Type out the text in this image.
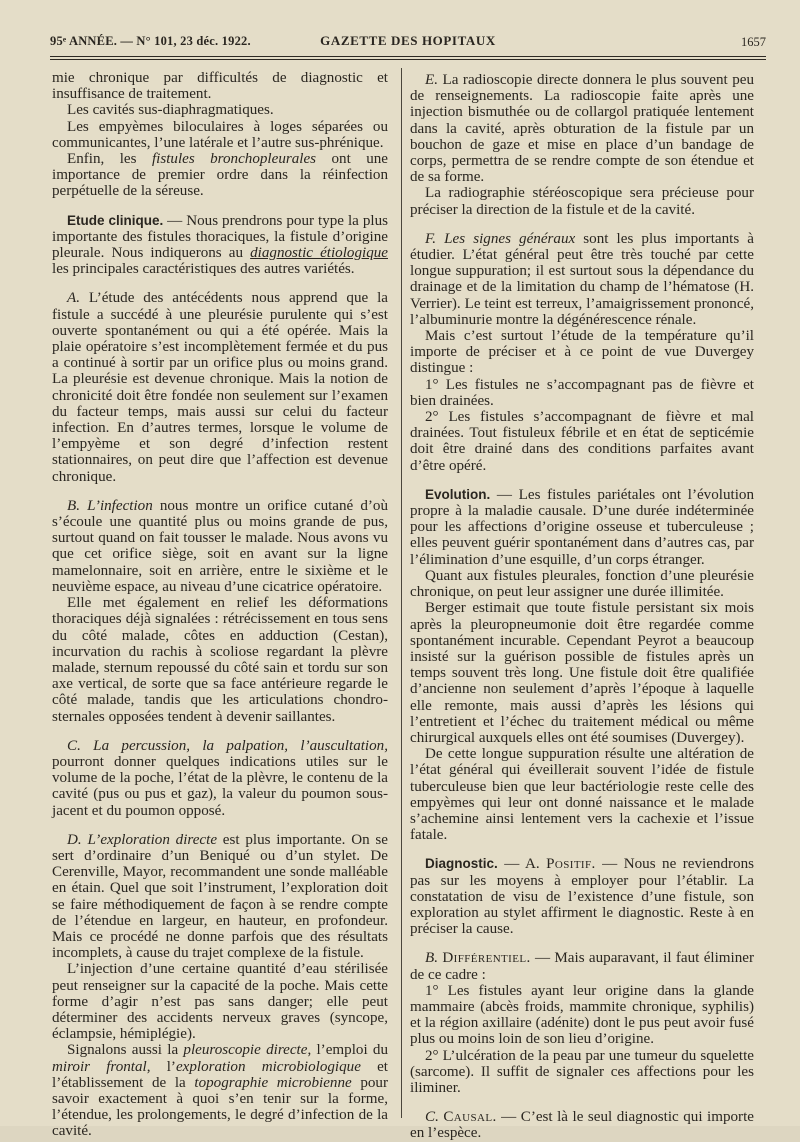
95ᵉ ANNÉE. — N° 101, 23 déc. 1922.	GAZETTE DES HOPITAUX	1657

mie chronique par difficultés de diagnostic et insuffisance de traitement.

Les cavités sus-diaphragmatiques.

Les empyèmes biloculaires à loges séparées ou communicantes, l’une latérale et l’autre sus-phrénique.

Enfin, les fistules bronchopleurales ont une importance de premier ordre dans la réinfection perpétuelle de la séreuse.

Etude clinique. — Nous prendrons pour type la plus importante des fistules thoraciques, la fistule d’origine pleurale. Nous indiquerons au diagnostic étiologique les principales caractéristiques des autres variétés.

A. L’étude des antécédents nous apprend que la fistule a succédé à une pleurésie purulente qui s’est ouverte spontanément ou qui a été opérée. Mais la plaie opératoire s’est incomplètement fermée et du pus a continué à sortir par un orifice plus ou moins grand. La pleurésie est devenue chronique. Mais la notion de chronicité doit être fondée non seulement sur l’examen du facteur temps, mais aussi sur celui du facteur infection. En d’autres termes, lorsque le volume de l’empyème et son degré d’infection restent stationnaires, on peut dire que l’affection est devenue chronique.

B. L’infection nous montre un orifice cutané d’où s’écoule une quantité plus ou moins grande de pus, surtout quand on fait tousser le malade. Nous avons vu que cet orifice siège, soit en avant sur la ligne mamelonnaire, soit en arrière, entre le sixième et le neuvième espace, au niveau d’une cicatrice opératoire.

Elle met également en relief les déformations thoraciques déjà signalées : rétrécissement en tous sens du côté malade, côtes en adduction (Cestan), incurvation du rachis à scoliose regardant la plèvre malade, sternum repoussé du côté sain et tordu sur son axe vertical, de sorte que sa face antérieure regarde le côté malade, tandis que les articulations chondro-sternales opposées tendent à devenir saillantes.

C. La percussion, la palpation, l’auscultation, pourront donner quelques indications utiles sur le volume de la poche, l’état de la plèvre, le contenu de la cavité (pus ou pus et gaz), la valeur du poumon sous-jacent et du poumon opposé.

D. L’exploration directe est plus importante. On se sert d’ordinaire d’un Beniqué ou d’un stylet. De Cerenville, Mayor, recommandent une sonde malléable en étain. Quel que soit l’instrument, l’exploration doit se faire méthodiquement de façon à se rendre compte de l’étendue en largeur, en hauteur, en profondeur. Mais ce procédé ne donne parfois que des résultats incomplets, à cause du trajet complexe de la fistule.

L’injection d’une certaine quantité d’eau stérilisée peut renseigner sur la capacité de la poche. Mais cette forme d’agir n’est pas sans danger; elle peut déterminer des accidents nerveux graves (syncope, éclampsie, hémiplégie).

Signalons aussi la pleuroscopie directe, l’emploi du miroir frontal, l’exploration microbiologique et l’établissement de la topographie microbienne pour savoir exactement à quoi s’en tenir sur la forme, l’étendue, les prolongements, le degré d’infection de la cavité.

E. La radioscopie directe donnera le plus souvent peu de renseignements. La radioscopie faite après une injection bismuthée ou de collargol pratiquée lentement dans la cavité, après obturation de la fistule par un bouchon de gaze et mise en place d’un bandage de corps, permettra de se rendre compte de son étendue et de sa forme.

La radiographie stéréoscopique sera précieuse pour préciser la direction de la fistule et de la cavité.

F. Les signes généraux sont les plus importants à étudier. L’état général peut être très touché par cette longue suppuration; il est surtout sous la dépendance du drainage et de la limitation du champ de l’hématose (H. Verrier). Le teint est terreux, l’amaigrissement prononcé, l’albuminurie montre la dégénérescence rénale.

Mais c’est surtout l’étude de la température qu’il importe de préciser et à ce point de vue Duvergey distingue :

1° Les fistules ne s’accompagnant pas de fièvre et bien drainées.

2° Les fistules s’accompagnant de fièvre et mal drainées. Tout fistuleux fébrile et en état de septicémie doit être drainé dans des conditions parfaites avant d’être opéré.

Evolution. — Les fistules pariétales ont l’évolution propre à la maladie causale. D’une durée indéterminée pour les affections d’origine osseuse et tuberculeuse ; elles peuvent guérir spontanément dans d’autres cas, par l’élimination d’une esquille, d’un corps étranger.

Quant aux fistules pleurales, fonction d’une pleurésie chronique, on peut leur assigner une durée illimitée.

Berger estimait que toute fistule persistant six mois après la pleuropneumonie doit être regardée comme spontanément incurable. Cependant Peyrot a beaucoup insisté sur la guérison possible de fistules après un temps souvent très long. Une fistule doit être qualifiée d’ancienne non seulement d’après l’époque à laquelle elle remonte, mais aussi d’après les lésions qui l’entretient et l’échec du traitement médical ou même chirurgical auxquels elles ont été soumises (Duvergey).

De cette longue suppuration résulte une altération de l’état général qui éveillerait souvent l’idée de fistule tuberculeuse bien que leur bactériologie reste celle des empyèmes qui leur ont donné naissance et le malade s’achemine ainsi lentement vers la cachexie et l’issue fatale.

Diagnostic. — A. Positif. — Nous ne reviendrons pas sur les moyens à employer pour l’établir. La constatation de visu de l’existence d’une fistule, son exploration au stylet affirment le diagnostic. Reste à en préciser la cause.

B. Différentiel. — Mais auparavant, il faut éliminer de ce cadre :

1° Les fistules ayant leur origine dans la glande mammaire (abcès froids, mammite chronique, syphilis) et la région axillaire (adénite) dont le pus peut avoir fusé plus ou moins loin de son lieu d’origine.

2° L’ulcération de la peau par une tumeur du squelette (sarcome). Il suffit de signaler ces affections pour les iliminer.

C. Causal. — C’est là le seul diagnostic qui importe en l’espèce.
